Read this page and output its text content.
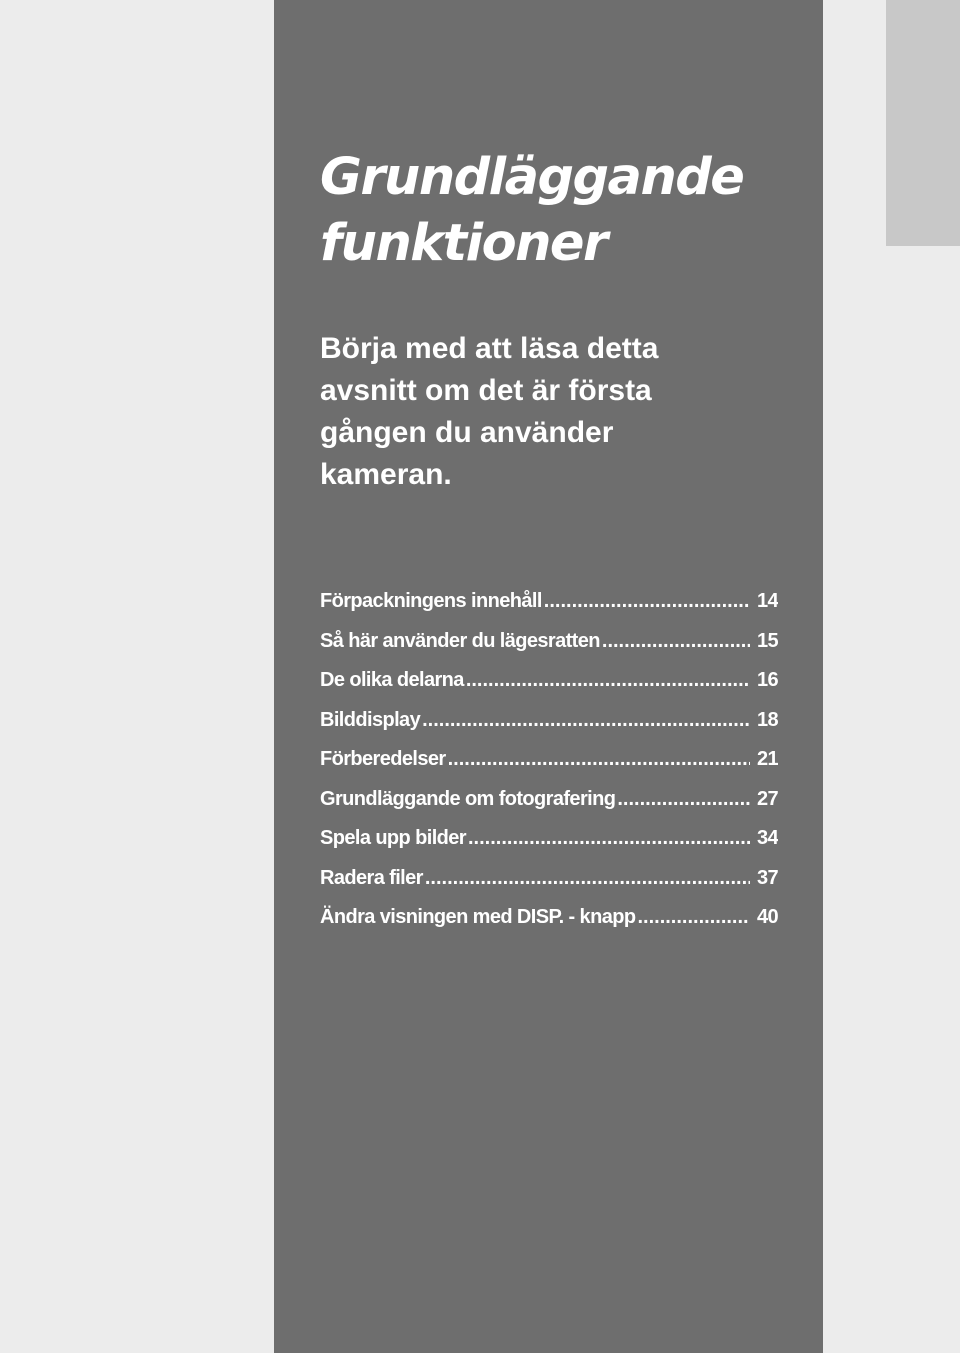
Grundläggande
funktioner

Börja med att läsa detta avsnitt om det är första gången du använder kameran.

Förpackningens innehåll .....	14
Så här använder du lägesratten .....	15
De olika delarna .....	16
Bilddisplay .....	18
Förberedelser .....	21
Grundläggande om fotografering .....	27
Spela upp bilder .....	34
Radera filer .....	37
Ändra visningen med DISP. - knapp .....	40
